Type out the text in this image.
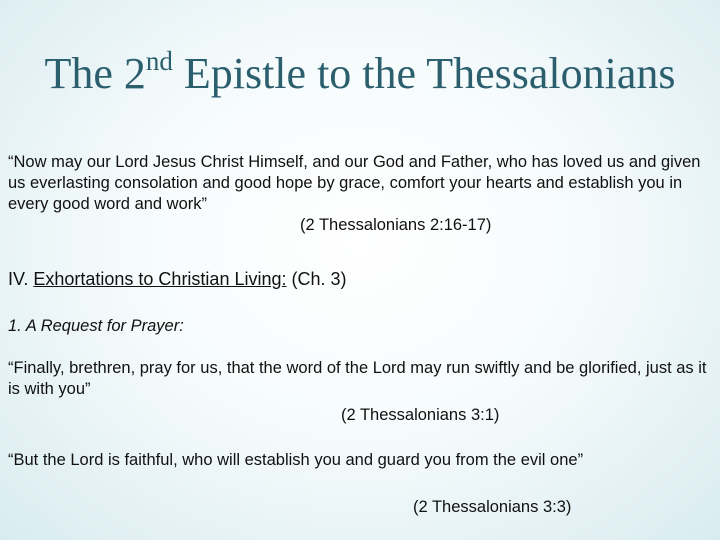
The 2nd Epistle to the Thessalonians
“Now may our Lord Jesus Christ Himself, and our God and Father, who has loved us and given us everlasting consolation and good hope by grace, comfort your hearts and establish you in every good word and work”
(2 Thessalonians 2:16-17)
IV. Exhortations to Christian Living: (Ch. 3)
1. A Request for Prayer:
“Finally, brethren, pray for us, that the word of the Lord may run swiftly and be glorified, just as it is with you”
(2 Thessalonians 3:1)
“But the Lord is faithful, who will establish you and guard you from the evil one”
(2 Thessalonians 3:3)
